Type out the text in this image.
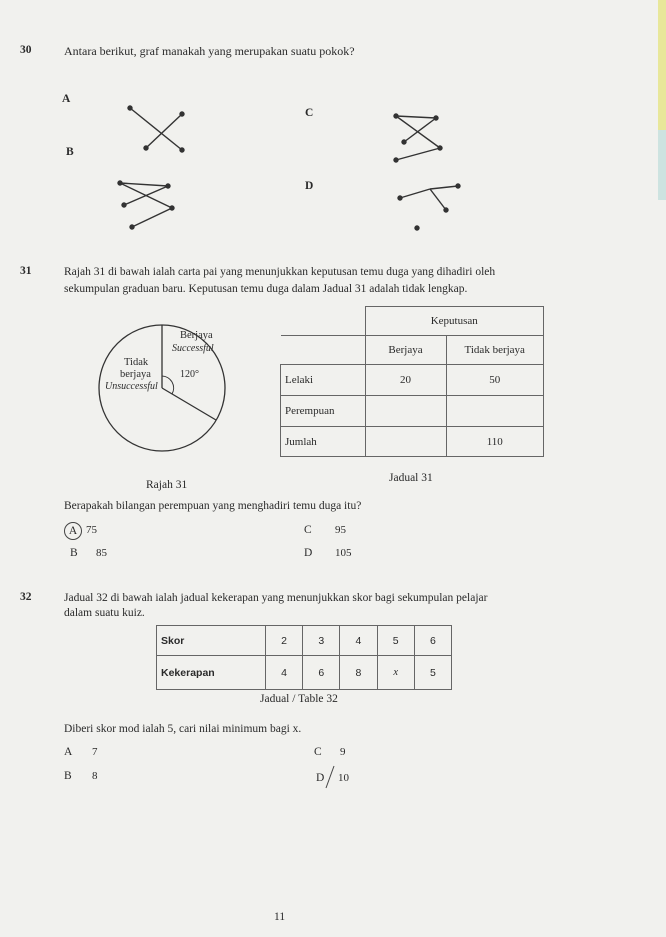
30	Antara berikut, graf manakah yang merupakan suatu pokok?
A
B
C
D
31	Rajah 31 di bawah ialah carta pai yang menunjukkan keputusan temu duga yang dihadiri oleh
sekumpulan graduan baru. Keputusan temu duga dalam Jadual 31 adalah tidak lengkap.
Berjaya
Successful
Tidak
berjaya
Unsuccessful
120°
Rajah 31
	Keputusan	
	Berjaya	Tidak berjaya
Lelaki	20	50
Perempuan		
Jumlah		110
Jadual 31
Berapakah bilangan perempuan yang menghadiri temu duga itu?
A 75
B 85
C 95
D 105
32	Jadual 32 di bawah ialah jadual kekerapan yang menunjukkan skor bagi sekumpulan pelajar
dalam suatu kuiz.
Skor	2	3	4	5	6
Kekerapan	4	6	8	x	5
Jadual / Table 32
Diberi skor mod ialah 5, cari nilai minimum bagi x.
A 7
B 8
C 9
D 10
11
